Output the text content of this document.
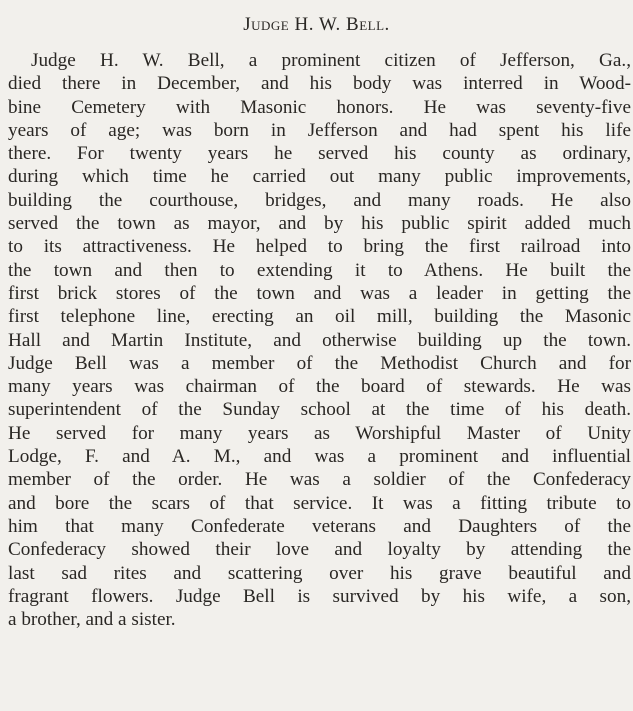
Judge H. W. Bell.
Judge H. W. Bell, a prominent citizen of Jefferson, Ga.,
died there in December, and his body was interred in Wood-
bine Cemetery with Masonic honors. He was seventy-five
years of age; was born in Jefferson and had spent his life
there. For twenty years he served his county as ordinary,
during which time he carried out many public improvements,
building the courthouse, bridges, and many roads. He also
served the town as mayor, and by his public spirit added much
to its attractiveness. He helped to bring the first railroad into
the town and then to extending it to Athens. He built the
first brick stores of the town and was a leader in getting the
first telephone line, erecting an oil mill, building the Masonic
Hall and Martin Institute, and otherwise building up the town.
Judge Bell was a member of the Methodist Church and for
many years was chairman of the board of stewards. He was
superintendent of the Sunday school at the time of his death.
He served for many years as Worshipful Master of Unity
Lodge, F. and A. M., and was a prominent and influential
member of the order. He was a soldier of the Confederacy
and bore the scars of that service. It was a fitting tribute to
him that many Confederate veterans and Daughters of the
Confederacy showed their love and loyalty by attending the
last sad rites and scattering over his grave beautiful and
fragrant flowers. Judge Bell is survived by his wife, a son,
a brother, and a sister.
